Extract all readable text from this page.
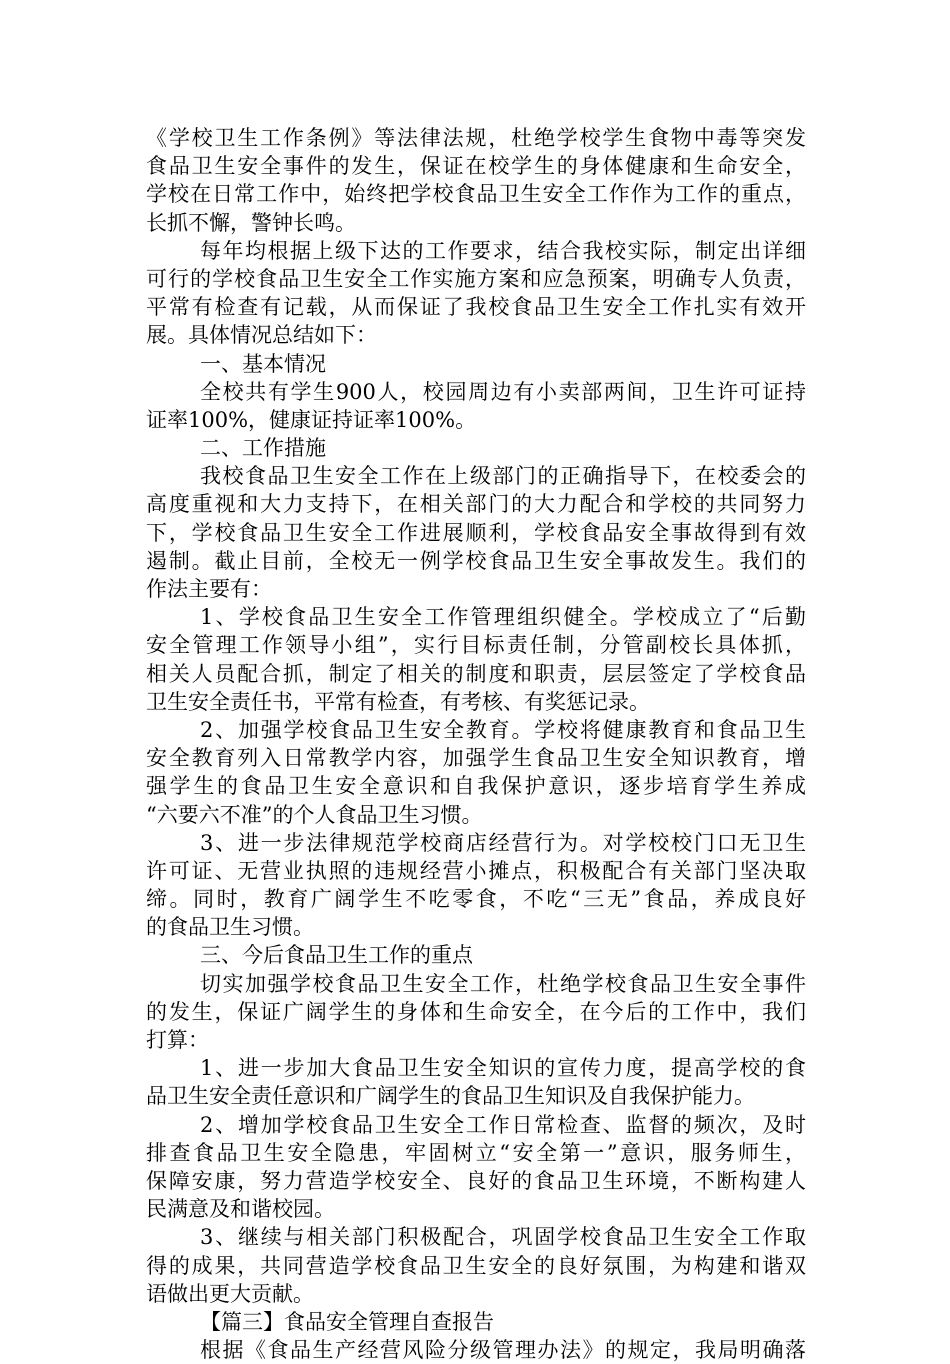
《学校卫生工作条例》等法律法规，杜绝学校学生食物中毒等突发
食品卫生安全事件的发生，保证在校学生的身体健康和生命安全，
学校在日常工作中，始终把学校食品卫生安全工作作为工作的重点，
长抓不懈，警钟长鸣。
每年均根据上级下达的工作要求，结合我校实际，制定出详细
可行的学校食品卫生安全工作实施方案和应急预案，明确专人负责，
平常有检查有记载，从而保证了我校食品卫生安全工作扎实有效开
展。具体情况总结如下：
一、基本情况
全校共有学生900人，校园周边有小卖部两间，卫生许可证持
证率100%，健康证持证率100%。
二、工作措施
我校食品卫生安全工作在上级部门的正确指导下，在校委会的
高度重视和大力支持下，在相关部门的大力配合和学校的共同努力
下，学校食品卫生安全工作进展顺利，学校食品安全事故得到有效
遏制。截止目前，全校无一例学校食品卫生安全事故发生。我们的
作法主要有：
1、学校食品卫生安全工作管理组织健全。学校成立了“后勤
安全管理工作领导小组”，实行目标责任制，分管副校长具体抓，
相关人员配合抓，制定了相关的制度和职责，层层签定了学校食品
卫生安全责任书，平常有检查，有考核、有奖惩记录。
2、加强学校食品卫生安全教育。学校将健康教育和食品卫生
安全教育列入日常教学内容，加强学生食品卫生安全知识教育，增
强学生的食品卫生安全意识和自我保护意识，逐步培育学生养成
“六要六不准”的个人食品卫生习惯。
3、进一步法律规范学校商店经营行为。对学校校门口无卫生
许可证、无营业执照的违规经营小摊点，积极配合有关部门坚决取
缔。同时，教育广阔学生不吃零食，不吃“三无”食品，养成良好
的食品卫生习惯。
三、今后食品卫生工作的重点
切实加强学校食品卫生安全工作，杜绝学校食品卫生安全事件
的发生，保证广阔学生的身体和生命安全，在今后的工作中，我们
打算：
1、进一步加大食品卫生安全知识的宣传力度，提高学校的食
品卫生安全责任意识和广阔学生的食品卫生知识及自我保护能力。
2、增加学校食品卫生安全工作日常检查、监督的频次，及时
排查食品卫生安全隐患，牢固树立“安全第一”意识，服务师生，
保障安康，努力营造学校安全、良好的食品卫生环境，不断构建人
民满意及和谐校园。
3、继续与相关部门积极配合，巩固学校食品卫生安全工作取
得的成果，共同营造学校食品卫生安全的良好氛围，为构建和谐双
语做出更大贡献。
【篇三】食品安全管理自查报告
根据《食品生产经营风险分级管理办法》的规定，我局明确落
